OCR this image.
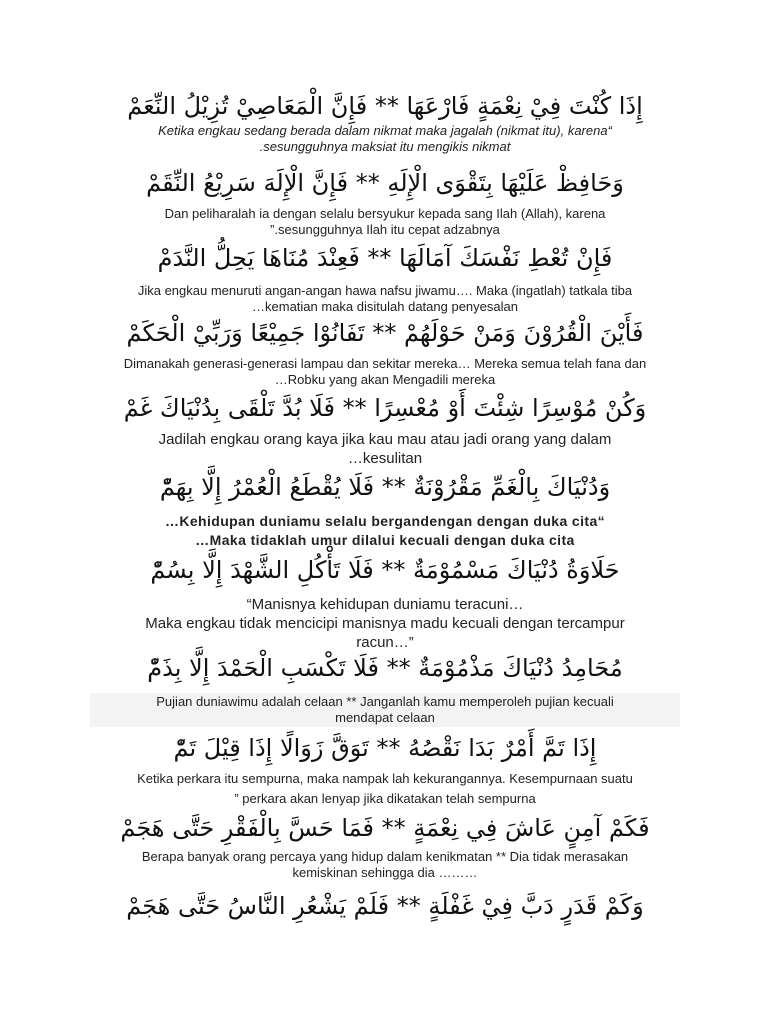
إِذَا كُنْتَ فِيْ نِعْمَةٍ فَارْعَهَا ** فَإِنَّ الْمَعَاصِيْ تُزِيْلُ النِّعَمْ
Ketika engkau sedang berada dalam nikmat maka jagalah (nikmat itu), karena“
.sesungguhnya maksiat itu mengikis nikmat
وَحَافِظْ عَلَيْهَا بِتَقْوَى الْإِلَهِ ** فَإِنَّ الْإِلَهَ سَرِيْعُ النِّقَمْ
Dan peliharalah ia dengan selalu bersyukur kepada sang Ilah (Allah), karena
”.sesungguhnya Ilah itu cepat adzabnya
فَإِنْ تُعْطِ نَفْسَكَ آمَالَهَا ** فَعِنْدَ مُنَاهَا يَحِلُّ النَّدَمْ
Jika engkau menuruti angan-angan hawa nafsu jiwamu…. Maka (ingatlah) tatkala tiba
…kematian maka disitulah datang penyesalan
فَأَيْنَ الْقُرُوْنَ وَمَنْ حَوْلَهُمْ ** تَفَانُوْا جَمِيْعًا وَرَبِّيْ الْحَكَمْ
Dimanakah generasi-generasi lampau dan sekitar mereka… Mereka semua telah fana dan
…Robku yang akan Mengadili mereka
وَكُنْ مُوْسِرًا شِئْتَ أَوْ مُعْسِرًا ** فَلَا بُدَّ تَلْقَى بِدُنْيَاكَ غَمْ
Jadilah engkau orang kaya jika kau mau atau jadi orang yang dalam
…kesulitan
وَدُنْيَاكَ بِالْغَمِّ مَقْرُوْنَةٌ ** فَلَا يُقْطَعُ الْعُمْرُ إِلَّا بِهَمّْ
…Kehidupan duniamu selalu bergandengan dengan duka cita“
…Maka tidaklah umur dilalui kecuali dengan duka cita
حَلَاوَةُ دُنْيَاكَ مَسْمُوْمَةٌ ** فَلَا تَأْكُلِ الشَّهْدَ إِلَّا بِسُمّْ
“Manisnya kehidupan duniamu teracuni…
Maka engkau tidak mencicipi manisnya madu kecuali dengan tercampur
racun…”
مُحَامِدُ دُنْيَاكَ مَذْمُوْمَةٌ ** فَلَا تَكْسَبِ الْحَمْدَ إِلَّا بِذَمّْ
Pujian duniawimu adalah celaan ** Janganlah kamu memperoleh pujian kecuali
mendapat celaan
إِذَا تَمَّ أَمْرٌ بَدَا نَقْصُهُ ** تَوَقَّ زَوَالًا إِذَا قِيْلَ تَمّْ
Ketika perkara itu sempurna, maka nampak lah kekurangannya. Kesempurnaan suatu
” perkara akan lenyap jika dikatakan telah sempurna
فَكَمْ آمِنٍ عَاشَ فِي نِعْمَةٍ ** فَمَا حَسَّ بِالْفَقْرِ حَتَّى هَجَمْ
Berapa banyak orang percaya yang hidup dalam kenikmatan ** Dia tidak merasakan
kemiskinan sehingga dia ………
وَكَمْ قَدَرٍ دَبَّ فِيْ غَفْلَةٍ ** فَلَمْ يَشْعُرِ النَّاسُ حَتَّى هَجَمْ
